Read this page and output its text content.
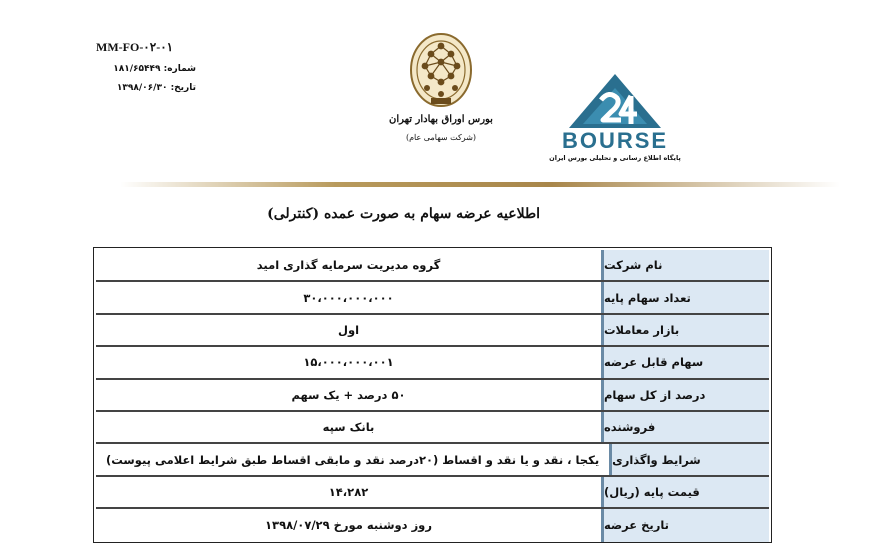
MM-FO-۰۲-۰۱
شماره: ۱۸۱/۶۵۴۴۹
تاریخ: ۱۳۹۸/۰۶/۳۰
بورس اوراق بهادار تهران
(شرکت سهامی عام)	BOURSE
پایگاه اطلاع رسانی و تحلیلی بورس ایران
اطلاعیه عرضه سهام به صورت عمده (کنترلی)
نام شرکت
گروه مدیریت سرمایه گذاری امید
تعداد سهام پایه
۳۰،۰۰۰،۰۰۰،۰۰۰
بازار معاملات
اول
سهام قابل عرضه
۱۵،۰۰۰،۰۰۰،۰۰۱
درصد از کل سهام
۵۰ درصد + یک سهم
فروشنده
بانک سپه
شرایط واگذاری
یکجا ، نقد و یا نقد و اقساط (۲۰درصد نقد و مابقی اقساط طبق شرایط اعلامی پیوست)
قیمت پایه (ریال)
۱۴،۲۸۲
تاریخ عرضه
روز دوشنبه مورخ ۱۳۹۸/۰۷/۲۹
